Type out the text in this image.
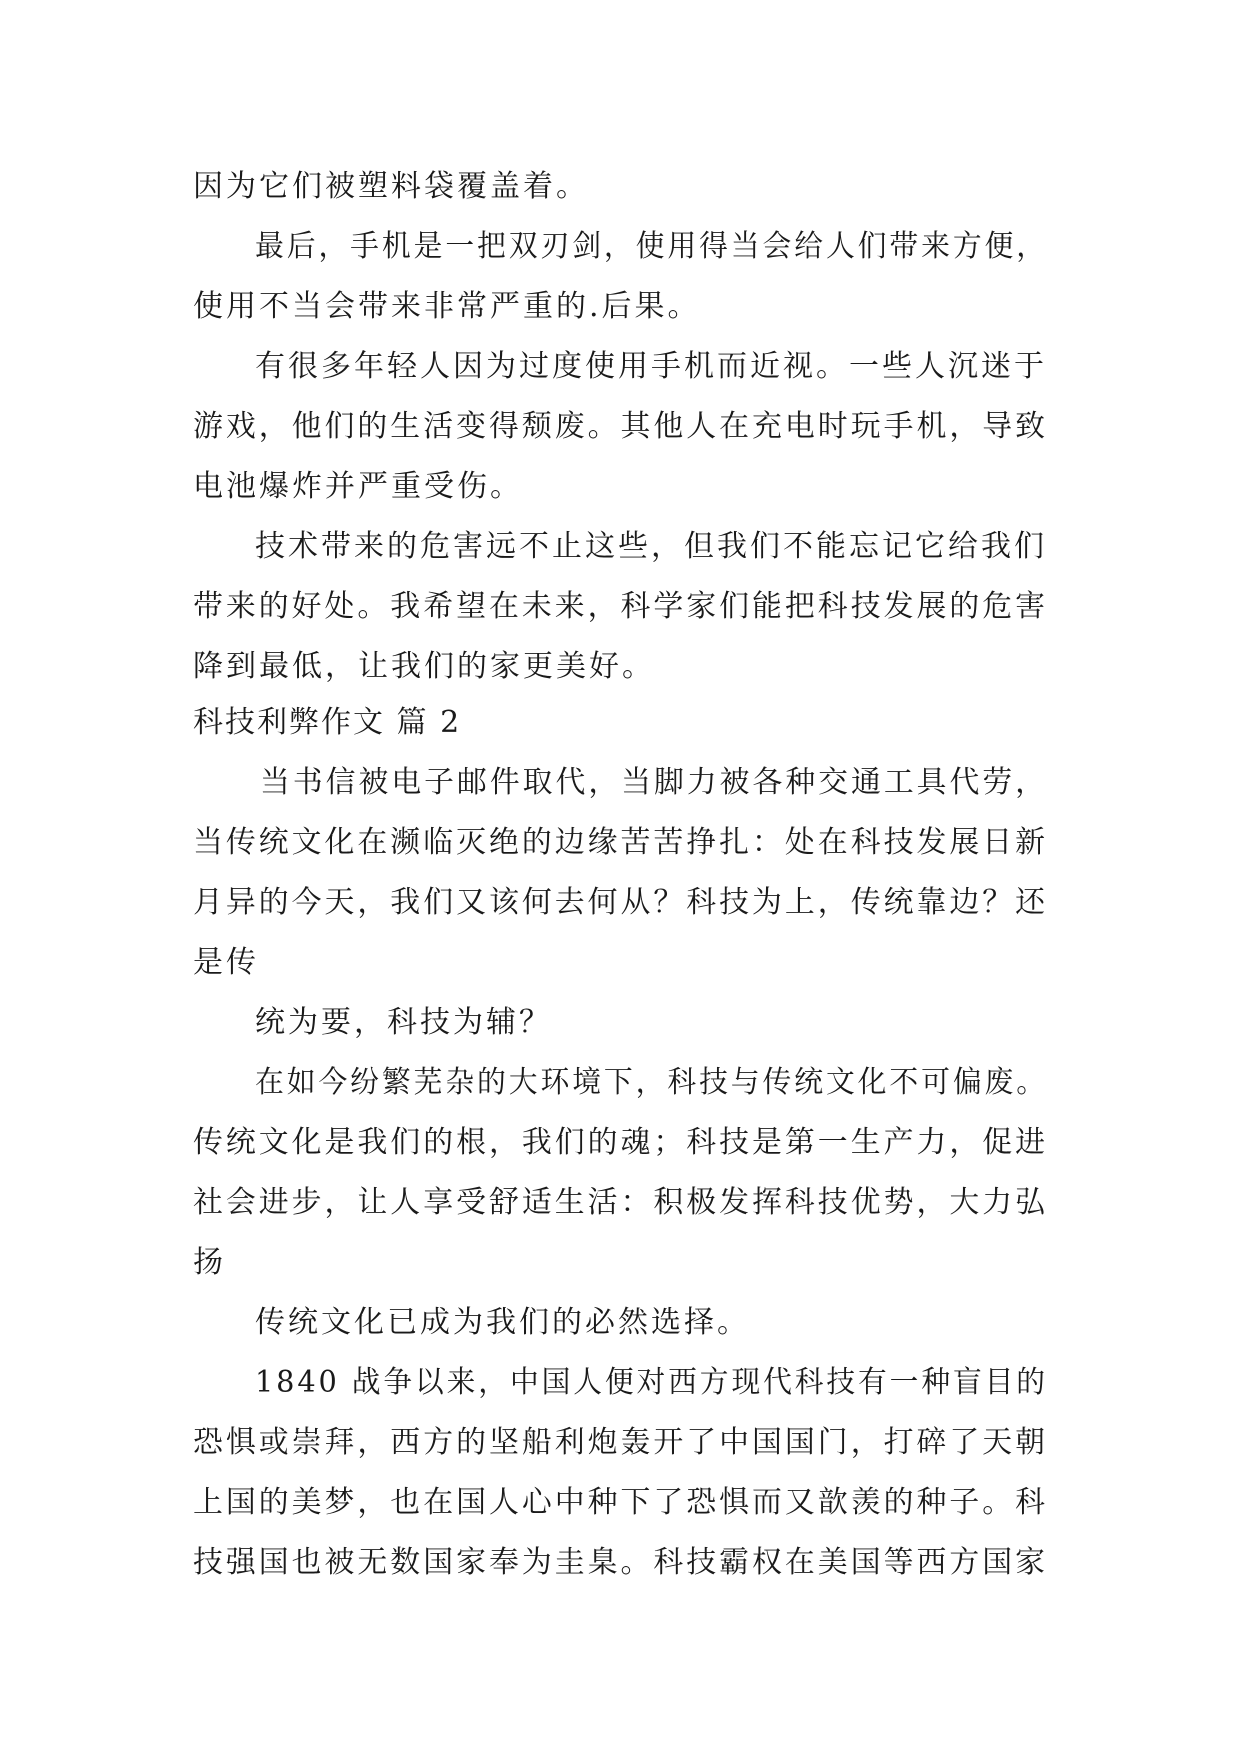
因为它们被塑料袋覆盖着。
最后，手机是一把双刃剑，使用得当会给人们带来方便，
使用不当会带来非常严重的.后果。
有很多年轻人因为过度使用手机而近视。一些人沉迷于
游戏，他们的生活变得颓废。其他人在充电时玩手机，导致
电池爆炸并严重受伤。
技术带来的危害远不止这些，但我们不能忘记它给我们
带来的好处。我希望在未来，科学家们能把科技发展的危害
降到最低，让我们的家更美好。
科技利弊作文 篇 2
当书信被电子邮件取代，当脚力被各种交通工具代劳，
当传统文化在濒临灭绝的边缘苦苦挣扎：处在科技发展日新
月异的今天，我们又该何去何从？科技为上，传统靠边？还
是传
统为要，科技为辅？
在如今纷繁芜杂的大环境下，科技与传统文化不可偏废。
传统文化是我们的根，我们的魂；科技是第一生产力，促进
社会进步，让人享受舒适生活：积极发挥科技优势，大力弘
扬
传统文化已成为我们的必然选择。
1840 战争以来，中国人便对西方现代科技有一种盲目的
恐惧或崇拜，西方的坚船利炮轰开了中国国门，打碎了天朝
上国的美梦，也在国人心中种下了恐惧而又歆羡的种子。科
技强国也被无数国家奉为圭臬。科技霸权在美国等西方国家
